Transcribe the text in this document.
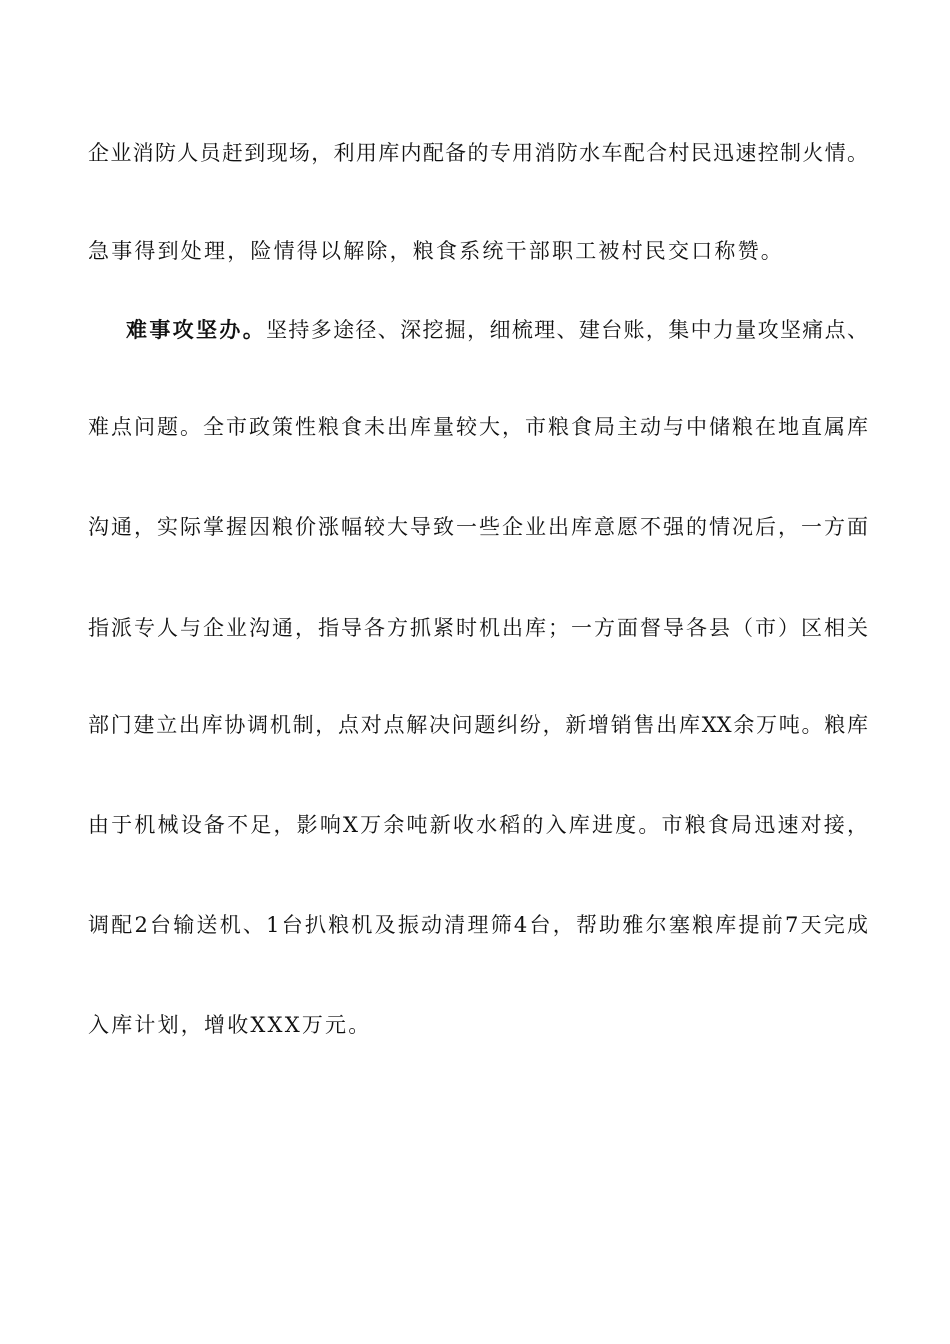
企业消防人员赶到现场，利用库内配备的专用消防水车配合村民迅速控制火情。
急事得到处理，险情得以解除，粮食系统干部职工被村民交口称赞。
难事攻坚办。坚持多途径、深挖掘，细梳理、建台账，集中力量攻坚痛点、
难点问题。全市政策性粮食未出库量较大，市粮食局主动与中储粮在地直属库
沟通，实际掌握因粮价涨幅较大导致一些企业出库意愿不强的情况后，一方面
指派专人与企业沟通，指导各方抓紧时机出库；一方面督导各县（市）区相关
部门建立出库协调机制，点对点解决问题纠纷，新增销售出库XX余万吨。粮库
由于机械设备不足，影响X万余吨新收水稻的入库进度。市粮食局迅速对接，
调配2台输送机、1台扒粮机及振动清理筛4台，帮助雅尔塞粮库提前7天完成
入库计划，增收XXX万元。
